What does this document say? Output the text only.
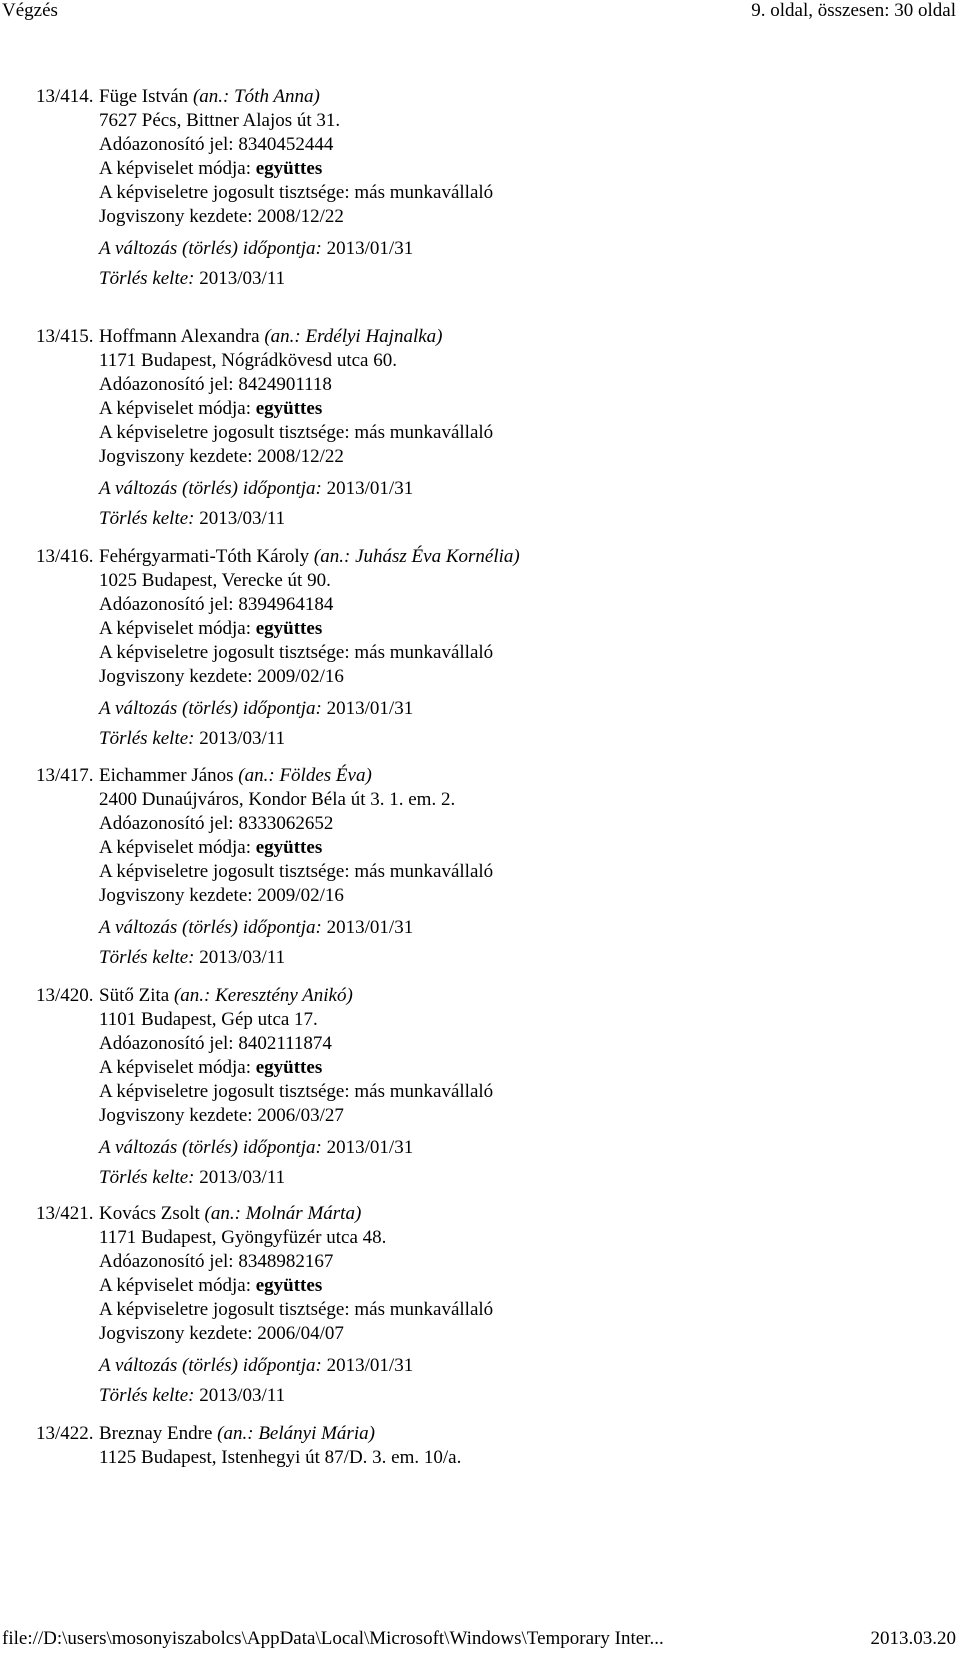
Végzés	9. oldal, összesen: 30 oldal
13/414. Füge István (an.: Tóth Anna)
7627 Pécs, Bittner Alajos út 31.
Adóazonosító jel: 8340452444
A képviselet módja: együttes
A képviseletre jogosult tisztsége: más munkavállaló
Jogviszony kezdete: 2008/12/22
A változás (törlés) időpontja: 2013/01/31
Törlés kelte: 2013/03/11
13/415. Hoffmann Alexandra (an.: Erdélyi Hajnalka)
1171 Budapest, Nógrádkövesd utca 60.
Adóazonosító jel: 8424901118
A képviselet módja: együttes
A képviseletre jogosult tisztsége: más munkavállaló
Jogviszony kezdete: 2008/12/22
A változás (törlés) időpontja: 2013/01/31
Törlés kelte: 2013/03/11
13/416. Fehérgyarmati-Tóth Károly (an.: Juhász Éva Kornélia)
1025 Budapest, Verecke út 90.
Adóazonosító jel: 8394964184
A képviselet módja: együttes
A képviseletre jogosult tisztsége: más munkavállaló
Jogviszony kezdete: 2009/02/16
A változás (törlés) időpontja: 2013/01/31
Törlés kelte: 2013/03/11
13/417. Eichammer János (an.: Földes Éva)
2400 Dunaújváros, Kondor Béla út 3. 1. em. 2.
Adóazonosító jel: 8333062652
A képviselet módja: együttes
A képviseletre jogosult tisztsége: más munkavállaló
Jogviszony kezdete: 2009/02/16
A változás (törlés) időpontja: 2013/01/31
Törlés kelte: 2013/03/11
13/420. Sütő Zita (an.: Keresztény Anikó)
1101 Budapest, Gép utca 17.
Adóazonosító jel: 8402111874
A képviselet módja: együttes
A képviseletre jogosult tisztsége: más munkavállaló
Jogviszony kezdete: 2006/03/27
A változás (törlés) időpontja: 2013/01/31
Törlés kelte: 2013/03/11
13/421. Kovács Zsolt (an.: Molnár Márta)
1171 Budapest, Gyöngyfüzér utca 48.
Adóazonosító jel: 8348982167
A képviselet módja: együttes
A képviseletre jogosult tisztsége: más munkavállaló
Jogviszony kezdete: 2006/04/07
A változás (törlés) időpontja: 2013/01/31
Törlés kelte: 2013/03/11
13/422. Breznay Endre (an.: Belányi Mária)
1125 Budapest, Istenhegyi út 87/D. 3. em. 10/a.
file://D:\users\mosonyiszabolcs\AppData\Local\Microsoft\Windows\Temporary Inter...	2013.03.20
